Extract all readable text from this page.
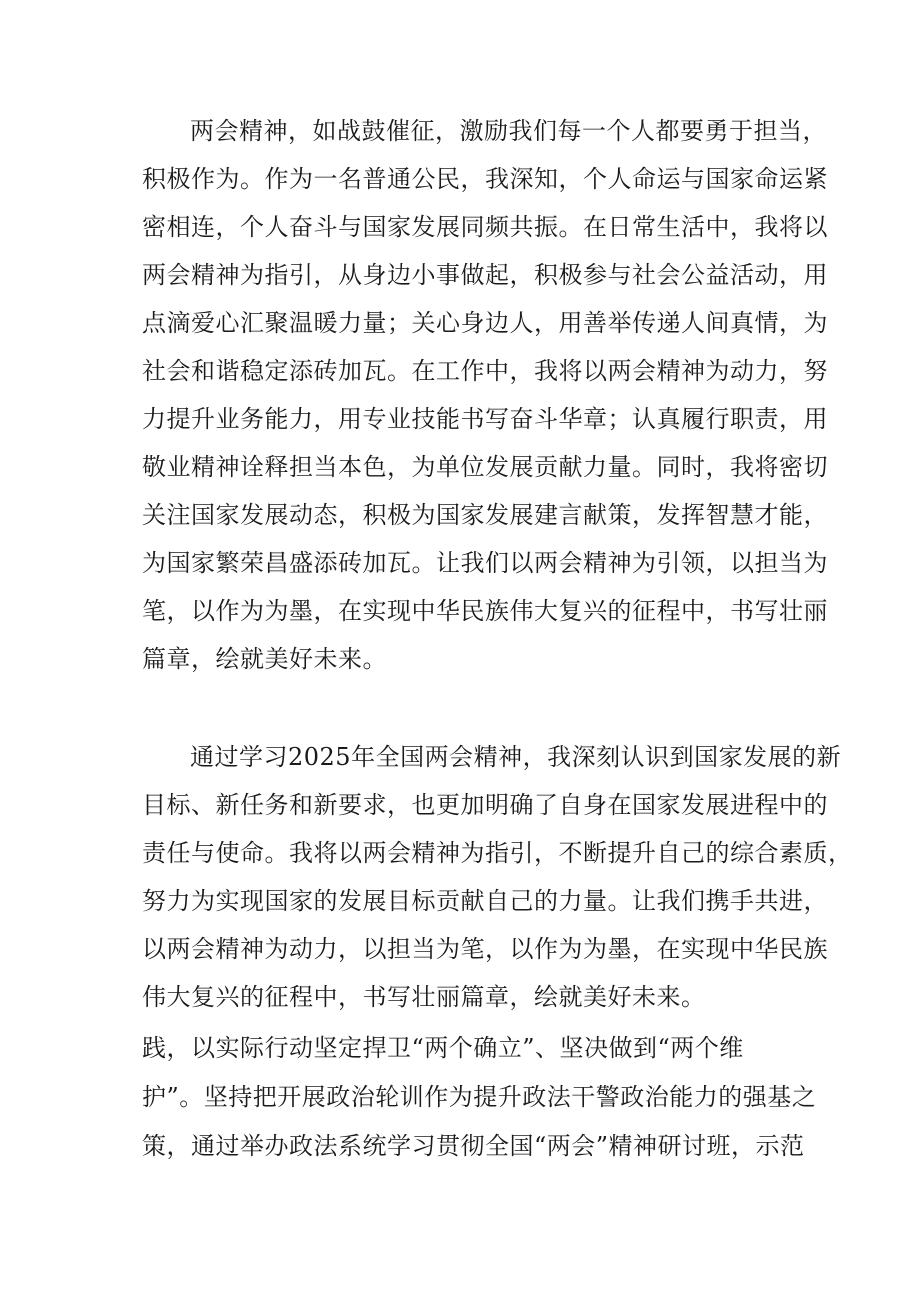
两会精神，如战鼓催征，激励我们每一个人都要勇于担当，
积极作为。作为一名普通公民，我深知，个人命运与国家命运紧
密相连，个人奋斗与国家发展同频共振。在日常生活中，我将以
两会精神为指引，从身边小事做起，积极参与社会公益活动，用
点滴爱心汇聚温暖力量；关心身边人，用善举传递人间真情，为
社会和谐稳定添砖加瓦。在工作中，我将以两会精神为动力，努
力提升业务能力，用专业技能书写奋斗华章；认真履行职责，用
敬业精神诠释担当本色，为单位发展贡献力量。同时，我将密切
关注国家发展动态，积极为国家发展建言献策，发挥智慧才能，
为国家繁荣昌盛添砖加瓦。让我们以两会精神为引领，以担当为
笔，以作为为墨，在实现中华民族伟大复兴的征程中，书写壮丽
篇章，绘就美好未来。
通过学习2025年全国两会精神，我深刻认识到国家发展的新
目标、新任务和新要求，也更加明确了自身在国家发展进程中的
责任与使命。我将以两会精神为指引，不断提升自己的综合素质，
努力为实现国家的发展目标贡献自己的力量。让我们携手共进，
以两会精神为动力，以担当为笔，以作为为墨，在实现中华民族
伟大复兴的征程中，书写壮丽篇章，绘就美好未来。
践，以实际行动坚定捍卫“两个确立”、坚决做到“两个维
护”。坚持把开展政治轮训作为提升政法干警政治能力的强基之
策，通过举办政法系统学习贯彻全国“两会”精神研讨班，示范
